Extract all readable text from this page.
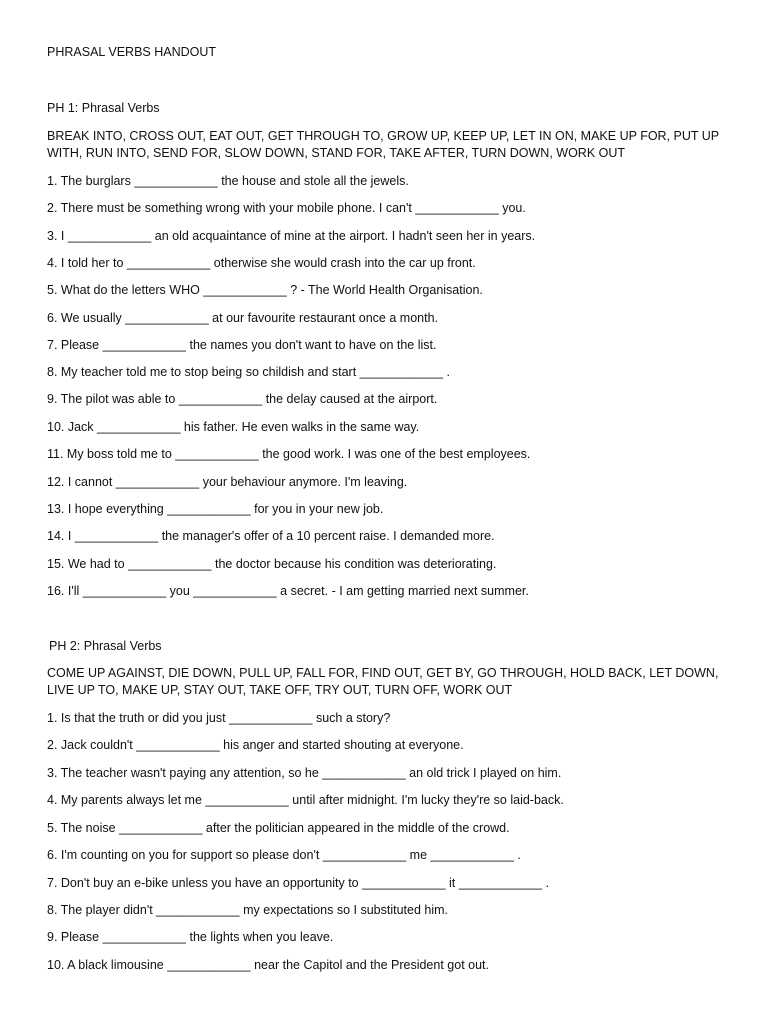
PHRASAL VERBS HANDOUT
PH 1: Phrasal Verbs
BREAK INTO, CROSS OUT, EAT OUT, GET THROUGH TO, GROW UP, KEEP UP, LET IN ON, MAKE UP FOR, PUT UP WITH, RUN INTO, SEND FOR, SLOW DOWN, STAND FOR, TAKE AFTER, TURN DOWN, WORK OUT
1. The burglars ____________ the house and stole all the jewels.
2. There must be something wrong with your mobile phone. I can't ____________ you.
3. I ____________ an old acquaintance of mine at the airport. I hadn't seen her in years.
4. I told her to ____________ otherwise she would crash into the car up front.
5. What do the letters WHO ____________ ? - The World Health Organisation.
6. We usually ____________ at our favourite restaurant once a month.
7. Please ____________ the names you don't want to have on the list.
8. My teacher told me to stop being so childish and start ____________ .
9. The pilot was able to ____________ the delay caused at the airport.
10. Jack ____________ his father. He even walks in the same way.
11. My boss told me to ____________ the good work. I was one of the best employees.
12. I cannot ____________ your behaviour anymore. I'm leaving.
13. I hope everything ____________ for you in your new job.
14. I ____________ the manager's offer of a 10 percent raise. I demanded more.
15. We had to ____________ the doctor because his condition was deteriorating.
16. I'll ____________ you ____________ a secret. - I am getting married next summer.
PH 2: Phrasal Verbs
COME UP AGAINST, DIE DOWN, PULL UP, FALL FOR, FIND OUT, GET BY, GO THROUGH, HOLD BACK, LET DOWN, LIVE UP TO, MAKE UP, STAY OUT, TAKE OFF, TRY OUT, TURN OFF, WORK OUT
1. Is that the truth or did you just ____________ such a story?
2. Jack couldn't ____________ his anger and started shouting at everyone.
3. The teacher wasn't paying any attention, so he ____________ an old trick I played on him.
4. My parents always let me ____________ until after midnight. I'm lucky they're so laid-back.
5. The noise ____________ after the politician appeared in the middle of the crowd.
6. I'm counting on you for support so please don't ____________ me ____________ .
7. Don't buy an e-bike unless you have an opportunity to ____________ it ____________ .
8. The player didn't ____________ my expectations so I substituted him.
9. Please ____________ the lights when you leave.
10. A black limousine ____________ near the Capitol and the President got out.
